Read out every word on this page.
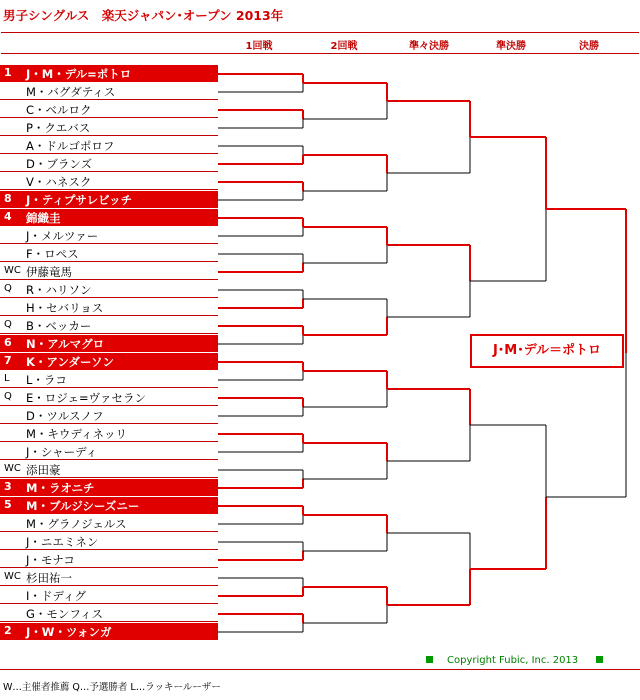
男子シングルス　楽天ジャパン･オープン 2013年
1回戦	2回戦	準々決勝	準決勝	決勝
1	J・M・デル=ポトロ
M・バグダティス
C・ベルロク
P・クエバス
A・ドルゴポロフ
D・ブランズ
V・ハネスク
8	J・ティプサレビッチ
4	錦織圭
J・メルツァー
F・ロペス
WC 伊藤竜馬
Q	R・ハリソン
H・セバリョス
Q	B・ベッカー
6	N・アルマグロ
7	K・アンダーソン
L	L・ラコ
Q	E・ロジェ=ヴァセラン
D・ツルスノフ
M・キウディネッリ
J・シャーディ
WC 添田豪
3	M・ラオニチ
5	M・ブルジシーズニー
M・グラノジェルス
J・ニエミネン
J・モナコ
WC 杉田祐一
I・ドディグ
G・モンフィス
2	J・W・ツォンガ
J･M･デル＝ポトロ
Copyright Fubic, Inc. 2013
W…主催者推薦 Q…予選勝者 L…ラッキールーザー
